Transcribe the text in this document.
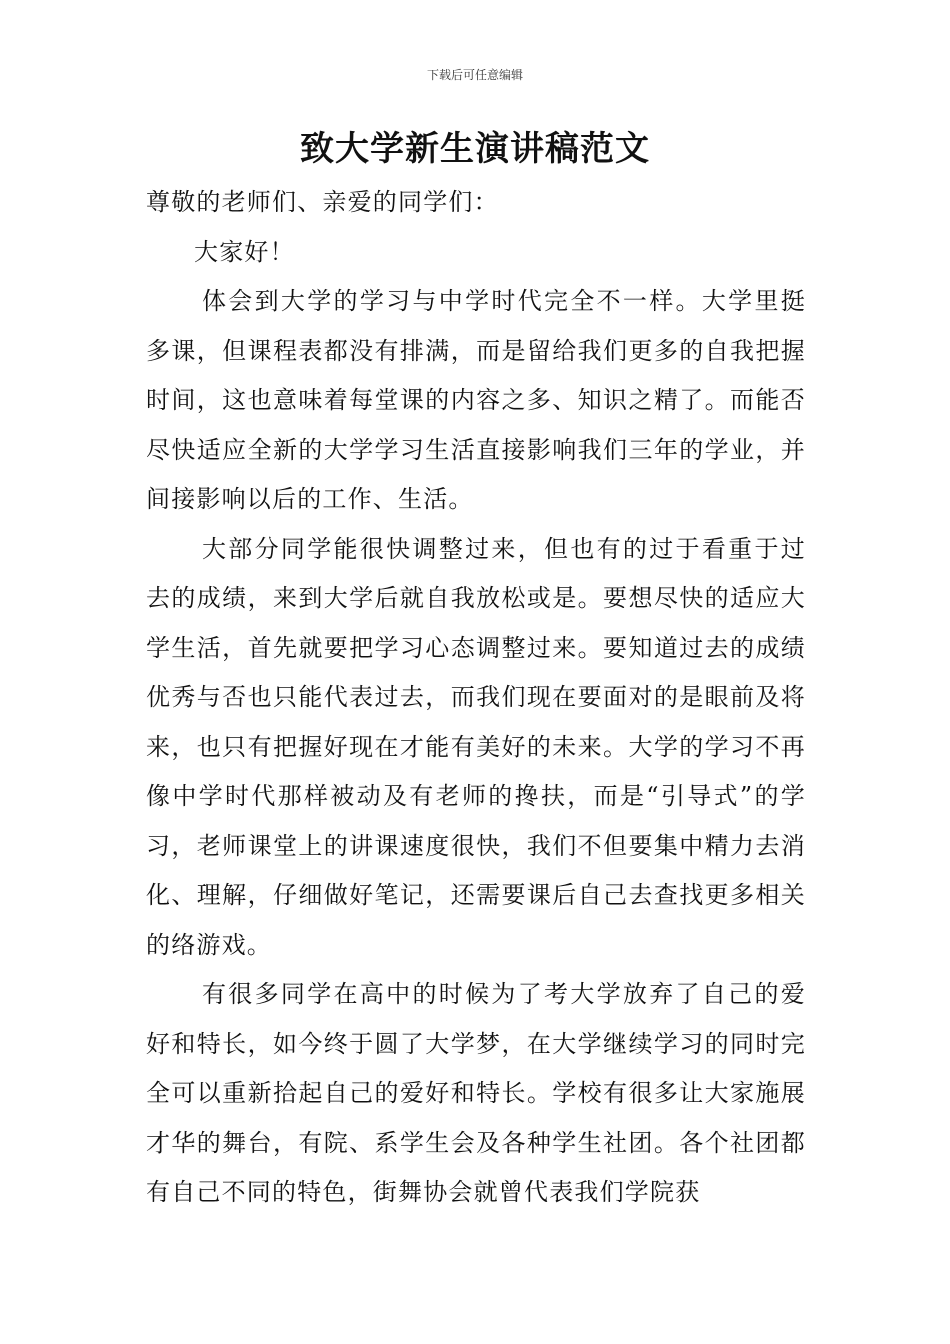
下载后可任意编辑
致大学新生演讲稿范文

尊敬的老师们、亲爱的同学们：

大家好！

体会到大学的学习与中学时代完全不一样。大学里挺多课，但课程表都没有排满，而是留给我们更多的自我把握时间，这也意味着每堂课的内容之多、知识之精了。而能否尽快适应全新的大学学习生活直接影响我们三年的学业，并间接影响以后的工作、生活。

大部分同学能很快调整过来，但也有的过于看重于过去的成绩，来到大学后就自我放松或是。要想尽快的适应大学生活，首先就要把学习心态调整过来。要知道过去的成绩优秀与否也只能代表过去，而我们现在要面对的是眼前及将来，也只有把握好现在才能有美好的未来。大学的学习不再像中学时代那样被动及有老师的搀扶，而是“引导式”的学习，老师课堂上的讲课速度很快，我们不但要集中精力去消化、理解，仔细做好笔记，还需要课后自己去查找更多相关的络游戏。

有很多同学在高中的时候为了考大学放弃了自己的爱好和特长，如今终于圆了大学梦，在大学继续学习的同时完全可以重新拾起自己的爱好和特长。学校有很多让大家施展才华的舞台，有院、系学生会及各种学生社团。各个社团都有自己不同的特色，街舞协会就曾代表我们学院获
